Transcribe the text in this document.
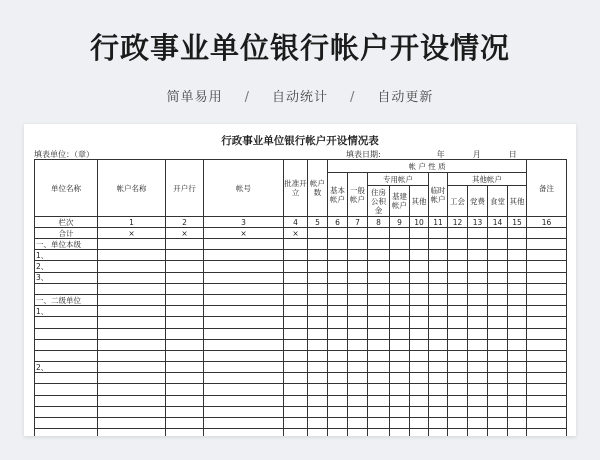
行政事业单位银行帐户开设情况
简单易用 / 自动统计 / 自动更新
行政事业单位银行帐户开设情况表
填表单位：（章）	填表日期:	年	月	日
单位名称	帐户名称	开户行	帐号	批准开立	帐户数	帐 户 性 质										备注
						基本帐户	一般帐户	专用帐户			临时帐户	其他帐户				
								住房公积金	基建帐户	其他		工会	党费	食堂	其他	
栏次	1	2	3	4	5	6	7	8	9	10	11	12	13	14	15	16
合计	×	×	×	×												
一、单位本级																
1、																
2、																
3、																

一、二级单位																
1、																

2、																
